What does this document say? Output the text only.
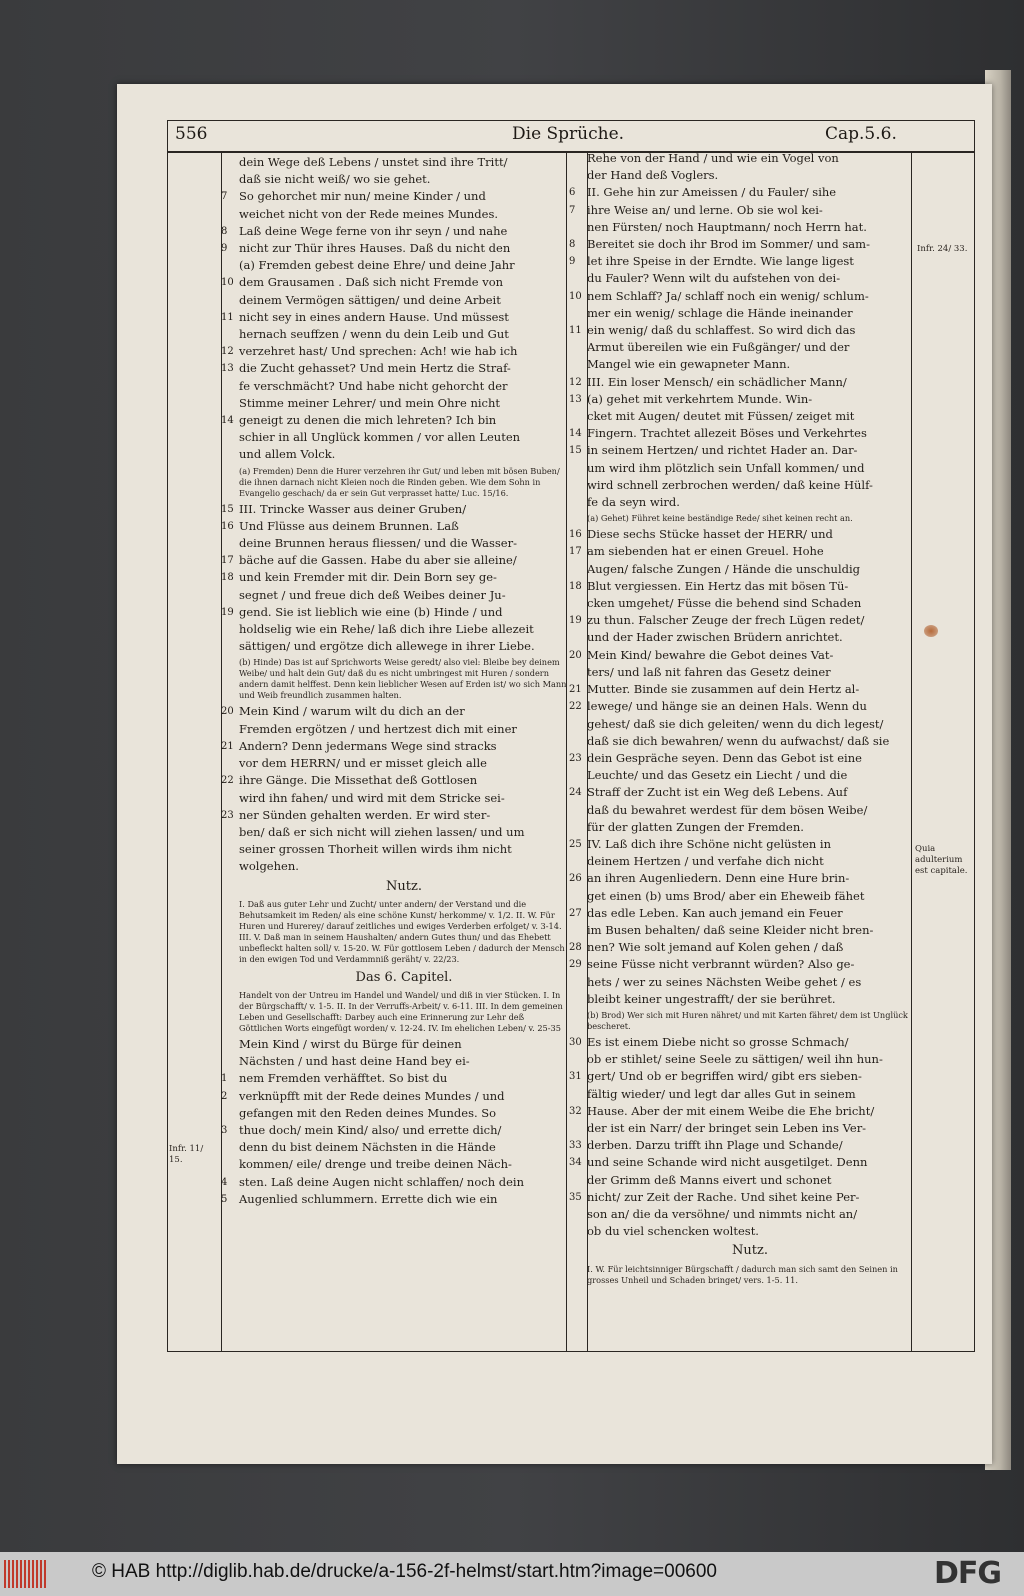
556	Die Sprüche.	Cap.5.6.
dein Wege deß Lebens / unstet sind ihre Tritt/
daß sie nicht weiß/ wo sie gehet.
So gehorchet mir nun/ meine Kinder / und
7
weichet nicht von der Rede meines Mundes.
Laß deine Wege ferne von ihr seyn / und nahe
8
nicht zur Thür ihres Hauses. Daß du nicht den
9
(a) Fremden gebest deine Ehre/ und deine Jahr
dem Grausamen . Daß sich nicht Fremde von
10
deinem Vermögen sättigen/ und deine Arbeit
nicht sey in eines andern Hause. Und müssest
11
hernach seuffzen / wenn du dein Leib und Gut
verzehret hast/ Und sprechen: Ach! wie hab ich
12
die Zucht gehasset? Und mein Hertz die Straf-
13
fe verschmächt? Und habe nicht gehorcht der
Stimme meiner Lehrer/ und mein Ohre nicht
geneigt zu denen die mich lehreten? Ich bin
14
schier in all Unglück kommen / vor allen Leuten
und allem Volck.
(a) Fremden) Denn die Hurer verzehren ihr Gut/ und leben mit bösen Buben/ die ihnen darnach nicht Kleien noch die Rinden geben. Wie dem Sohn in Evangelio geschach/ da er sein Gut verprasset hatte/ Luc. 15/16.
III. Trincke Wasser aus deiner Gruben/
15
Und Flüsse aus deinem Brunnen. Laß
16
deine Brunnen heraus fliessen/ und die Wasser-
bäche auf die Gassen. Habe du aber sie alleine/
17
und kein Fremder mit dir. Dein Born sey ge-
18
segnet / und freue dich deß Weibes deiner Ju-
gend. Sie ist lieblich wie eine (b) Hinde / und
19
holdselig wie ein Rehe/ laß dich ihre Liebe allezeit
sättigen/ und ergötze dich allewege in ihrer Liebe.
(b) Hinde) Das ist auf Sprichworts Weise geredt/ also viel: Bleibe bey deinem Weibe/ und halt dein Gut/ daß du es nicht umbringest mit Huren / sondern andern damit helffest. Denn kein lieblicher Wesen auf Erden ist/ wo sich Mann und Weib freundlich zusammen halten.
Mein Kind / warum wilt du dich an der
20
Fremden ergötzen / und hertzest dich mit einer
Andern? Denn jedermans Wege sind stracks
21
vor dem HERRN/ und er misset gleich alle
ihre Gänge. Die Missethat deß Gottlosen
22
wird ihn fahen/ und wird mit dem Stricke sei-
ner Sünden gehalten werden. Er wird ster-
23
ben/ daß er sich nicht will ziehen lassen/ und um
seiner grossen Thorheit willen wirds ihm nicht
wolgehen.
Nutz.
I. Daß aus guter Lehr und Zucht/ unter andern/ der Verstand und die Behutsamkeit im Reden/ als eine schöne Kunst/ herkomme/ v. 1/2. II. W. Für Huren und Hurerey/ darauf zeitliches und ewiges Verderben erfolget/ v. 3-14. III. V. Daß man in seinem Haushalten/ andern Gutes thun/ und das Ehebett unbefleckt halten soll/ v. 15-20. W. Für gottlosem Leben / dadurch der Mensch in den ewigen Tod und Verdammniß geräht/ v. 22/23.
Das 6. Capitel.
Handelt von der Untreu im Handel und Wandel/ und diß in vier Stücken. I. In der Bürgschafft/ v. 1-5. II. In der Verruffs-Arbeit/ v. 6-11. III. In dem gemeinen Leben und Gesellschafft: Darbey auch eine Erinnerung zur Lehr deß Göttlichen Worts eingefügt worden/ v. 12-24. IV. Im ehelichen Leben/ v. 25-35
Mein Kind / wirst du Bürge für deinen
Nächsten / und hast deine Hand bey ei-
nem Fremden verhäfftet. So bist du
1
verknüpfft mit der Rede deines Mundes / und
2
gefangen mit den Reden deines Mundes. So
thue doch/ mein Kind/ also/ und errette dich/
3
denn du bist deinem Nächsten in die Hände
kommen/ eile/ drenge und treibe deinen Näch-
sten. Laß deine Augen nicht schlaffen/ noch dein
4
Augenlied schlummern. Errette dich wie ein
5
Rehe von der Hand / und wie ein Vogel von
der Hand deß Voglers.
II. Gehe hin zur Ameissen / du Fauler/ sihe
6
ihre Weise an/ und lerne. Ob sie wol kei-
7
nen Fürsten/ noch Hauptmann/ noch Herrn hat.
Bereitet sie doch ihr Brod im Sommer/ und sam-
8
let ihre Speise in der Erndte. Wie lange ligest
9
du Fauler? Wenn wilt du aufstehen von dei-
nem Schlaff? Ja/ schlaff noch ein wenig/ schlum-
10
mer ein wenig/ schlage die Hände ineinander
ein wenig/ daß du schlaffest. So wird dich das
11
Armut übereilen wie ein Fußgänger/ und der
Mangel wie ein gewapneter Mann.
III. Ein loser Mensch/ ein schädlicher Mann/
12
(a) gehet mit verkehrtem Munde. Win-
13
cket mit Augen/ deutet mit Füssen/ zeiget mit
Fingern. Trachtet allezeit Böses und Verkehrtes
14
in seinem Hertzen/ und richtet Hader an. Dar-
15
um wird ihm plötzlich sein Unfall kommen/ und
wird schnell zerbrochen werden/ daß keine Hülf-
fe da seyn wird.
(a) Gehet) Führet keine beständige Rede/ sihet keinen recht an.
Diese sechs Stücke hasset der HERR/ und
16
am siebenden hat er einen Greuel. Hohe
17
Augen/ falsche Zungen / Hände die unschuldig
Blut vergiessen. Ein Hertz das mit bösen Tü-
18
cken umgehet/ Füsse die behend sind Schaden
zu thun. Falscher Zeuge der frech Lügen redet/
19
und der Hader zwischen Brüdern anrichtet.
Mein Kind/ bewahre die Gebot deines Vat-
20
ters/ und laß nit fahren das Gesetz deiner
Mutter. Binde sie zusammen auf dein Hertz al-
21
lewege/ und hänge sie an deinen Hals. Wenn du
22
gehest/ daß sie dich geleiten/ wenn du dich legest/
daß sie dich bewahren/ wenn du aufwachst/ daß sie
dein Gespräche seyen. Denn das Gebot ist eine
23
Leuchte/ und das Gesetz ein Liecht / und die
Straff der Zucht ist ein Weg deß Lebens. Auf
24
daß du bewahret werdest für dem bösen Weibe/
für der glatten Zungen der Fremden.
IV. Laß dich ihre Schöne nicht gelüsten in
25
deinem Hertzen / und verfahe dich nicht
an ihren Augenliedern. Denn eine Hure brin-
26
get einen (b) ums Brod/ aber ein Eheweib fähet
das edle Leben. Kan auch jemand ein Feuer
27
im Busen behalten/ daß seine Kleider nicht bren-
nen? Wie solt jemand auf Kolen gehen / daß
28
seine Füsse nicht verbrannt würden? Also ge-
29
hets / wer zu seines Nächsten Weibe gehet / es
bleibt keiner ungestrafft/ der sie berühret.
(b) Brod) Wer sich mit Huren nähret/ und mit Karten fähret/ dem ist Unglück bescheret.
Es ist einem Diebe nicht so grosse Schmach/
30
ob er stihlet/ seine Seele zu sättigen/ weil ihn hun-
gert/ Und ob er begriffen wird/ gibt ers sieben-
31
fältig wieder/ und legt dar alles Gut in seinem
Hause. Aber der mit einem Weibe die Ehe bricht/
32
der ist ein Narr/ der bringet sein Leben ins Ver-
derben. Darzu trifft ihn Plage und Schande/
33
und seine Schande wird nicht ausgetilget. Denn
34
der Grimm deß Manns eivert und schonet
nicht/ zur Zeit der Rache. Und sihet keine Per-
35
son an/ die da versöhne/ und nimmts nicht an/
ob du viel schencken woltest.
Nutz.
I. W. Für leichtsinniger Bürgschafft / dadurch man sich samt den Seinen in grosses Unheil und Schaden bringet/ vers. 1-5. 11.
Infr. 24/ 33.
Quia adulterium est capitale.
Infr. 11/ 15.
© HAB http://diglib.hab.de/drucke/a-156-2f-helmst/start.htm?image=00600	DFG
